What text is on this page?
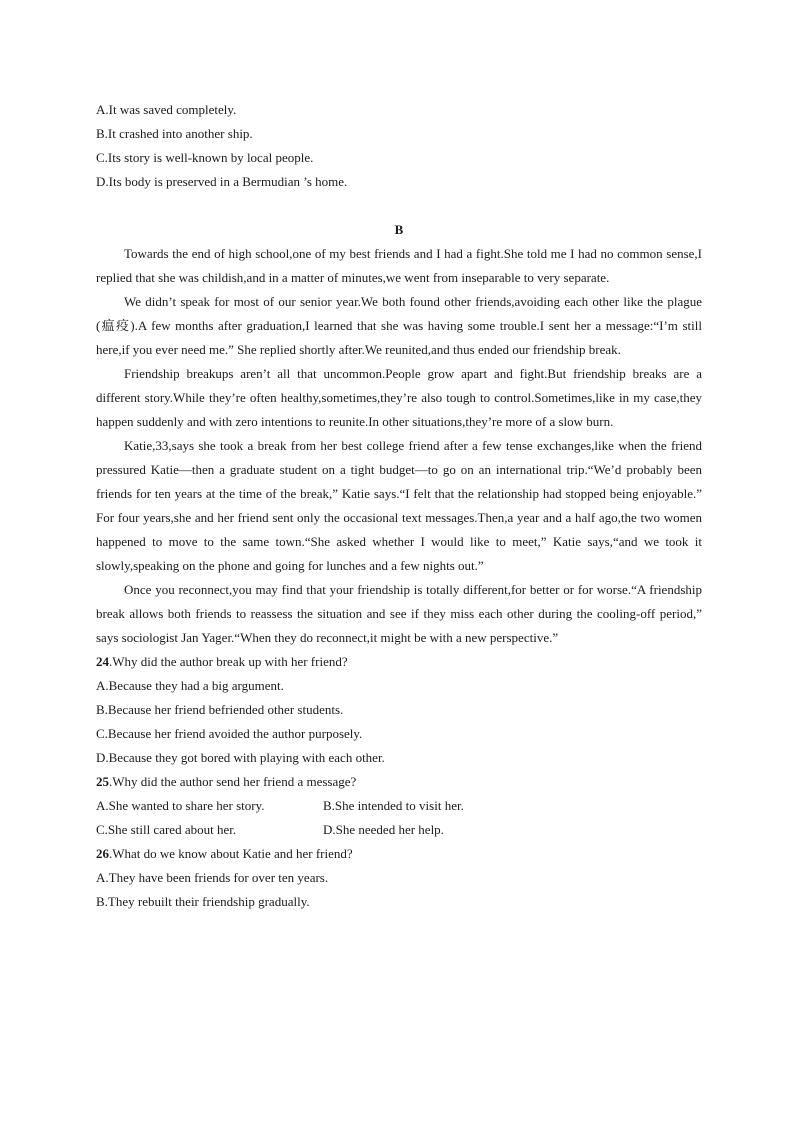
A.It was saved completely.
B.It crashed into another ship.
C.Its story is well-known by local people.
D.Its body is preserved in a Bermudian ’s home.
B

Towards the end of high school,one of my best friends and I had a fight.She told me I had no common sense,I replied that she was childish,and in a matter of minutes,we went from inseparable to very separate.

We didn’t speak for most of our senior year.We both found other friends,avoiding each other like the plague (瘟疫).A few months after graduation,I learned that she was having some trouble.I sent her a message:“I’m still here,if you ever need me.” She replied shortly after.We reunited,and thus ended our friendship break.

Friendship breakups aren’t all that uncommon.People grow apart and fight.But friendship breaks are a different story.While they’re often healthy,sometimes,they’re also tough to control.Sometimes,like in my case,they happen suddenly and with zero intentions to reunite.In other situations,they’re more of a slow burn.

Katie,33,says she took a break from her best college friend after a few tense exchanges,like when the friend pressured Katie—then a graduate student on a tight budget—to go on an international trip.“We’d probably been friends for ten years at the time of the break,” Katie says.“I felt that the relationship had stopped being enjoyable.” For four years,she and her friend sent only the occasional text messages.Then,a year and a half ago,the two women happened to move to the same town.“She asked whether I would like to meet,” Katie says,“and we took it slowly,speaking on the phone and going for lunches and a few nights out.”

Once you reconnect,you may find that your friendship is totally different,for better or for worse.“A friendship break allows both friends to reassess the situation and see if they miss each other during the cooling-off period,” says sociologist Jan Yager.“When they do reconnect,it might be with a new perspective.”

24.Why did the author break up with her friend?
A.Because they had a big argument.
B.Because her friend befriended other students.
C.Because her friend avoided the author purposely.
D.Because they got bored with playing with each other.
25.Why did the author send her friend a message?
A.She wanted to share her story.	B.She intended to visit her.
C.She still cared about her.	D.She needed her help.
26.What do we know about Katie and her friend?
A.They have been friends for over ten years.
B.They rebuilt their friendship gradually.
